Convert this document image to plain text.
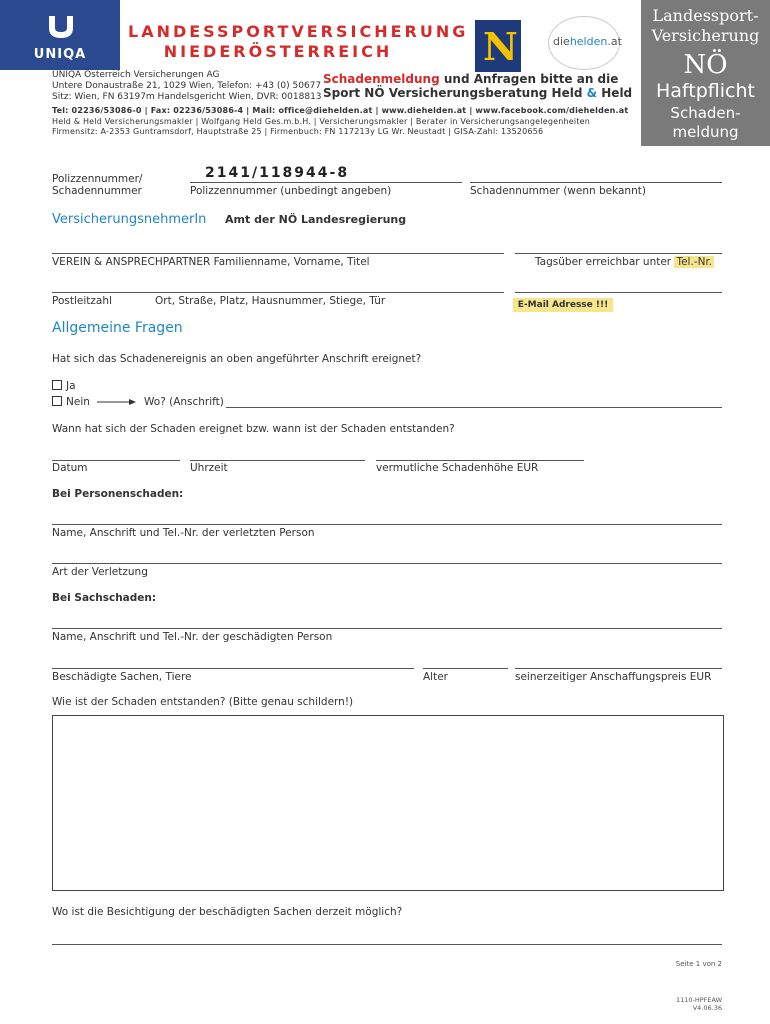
UNIQA
LANDESSPORTVERSICHERUNG
NIEDERÖSTERREICH	N	diehelden.at
Landessport-
Versicherung
NÖ
Haftpflicht
Schaden-
meldung
UNIQA Österreich Versicherungen AG
Untere Donaustraße 21, 1029 Wien, Telefon: +43 (0) 50677
Sitz: Wien, FN 63197m Handelsgericht Wien, DVR: 0018813
Schadenmeldung und Anfragen bitte an die
Sport NÖ Versicherungsberatung Held & Held
Tel: 02236/53086-0 | Fax: 02236/53086-4 | Mail: office@diehelden.at | www.diehelden.at | www.facebook.com/diehelden.at
Held & Held Versicherungsmakler | Wolfgang Held Ges.m.b.H. | Versicherungsmakler | Berater in Versicherungsangelegenheiten
Firmensitz: A-2353 Guntramsdorf, Hauptstraße 25 | Firmenbuch: FN 117213y LG Wr. Neustadt | GISA-Zahl: 13520656
Polizzennummer/
Schadennummer
2141/118944-8
Polizzennummer (unbedingt angeben)	Schadennummer (wenn bekannt)
VersicherungsnehmerIn Amt der NÖ Landesregierung
VEREIN & ANSPRECHPARTNER Familienname, Vorname, Titel	Tagsüber erreichbar unter Tel.-Nr.
Postleitzahl	Ort, Straße, Platz, Hausnummer, Stiege, Tür	E-Mail Adresse !!!
Allgemeine Fragen
Hat sich das Schadenereignis an oben angeführter Anschrift ereignet?
Ja
Nein	Wo? (Anschrift)
Wann hat sich der Schaden ereignet bzw. wann ist der Schaden entstanden?
Datum	Uhrzeit	vermutliche Schadenhöhe EUR
Bei Personenschaden:
Name, Anschrift und Tel.-Nr. der verletzten Person
Art der Verletzung
Bei Sachschaden:
Name, Anschrift und Tel.-Nr. der geschädigten Person
Beschädigte Sachen, Tiere	Alter	seinerzeitiger Anschaffungspreis EUR
Wie ist der Schaden entstanden? (Bitte genau schildern!)
Wo ist die Besichtigung der beschädigten Sachen derzeit möglich?
Seite 1 von 2
1110-HPFEAW
V4.06.36
